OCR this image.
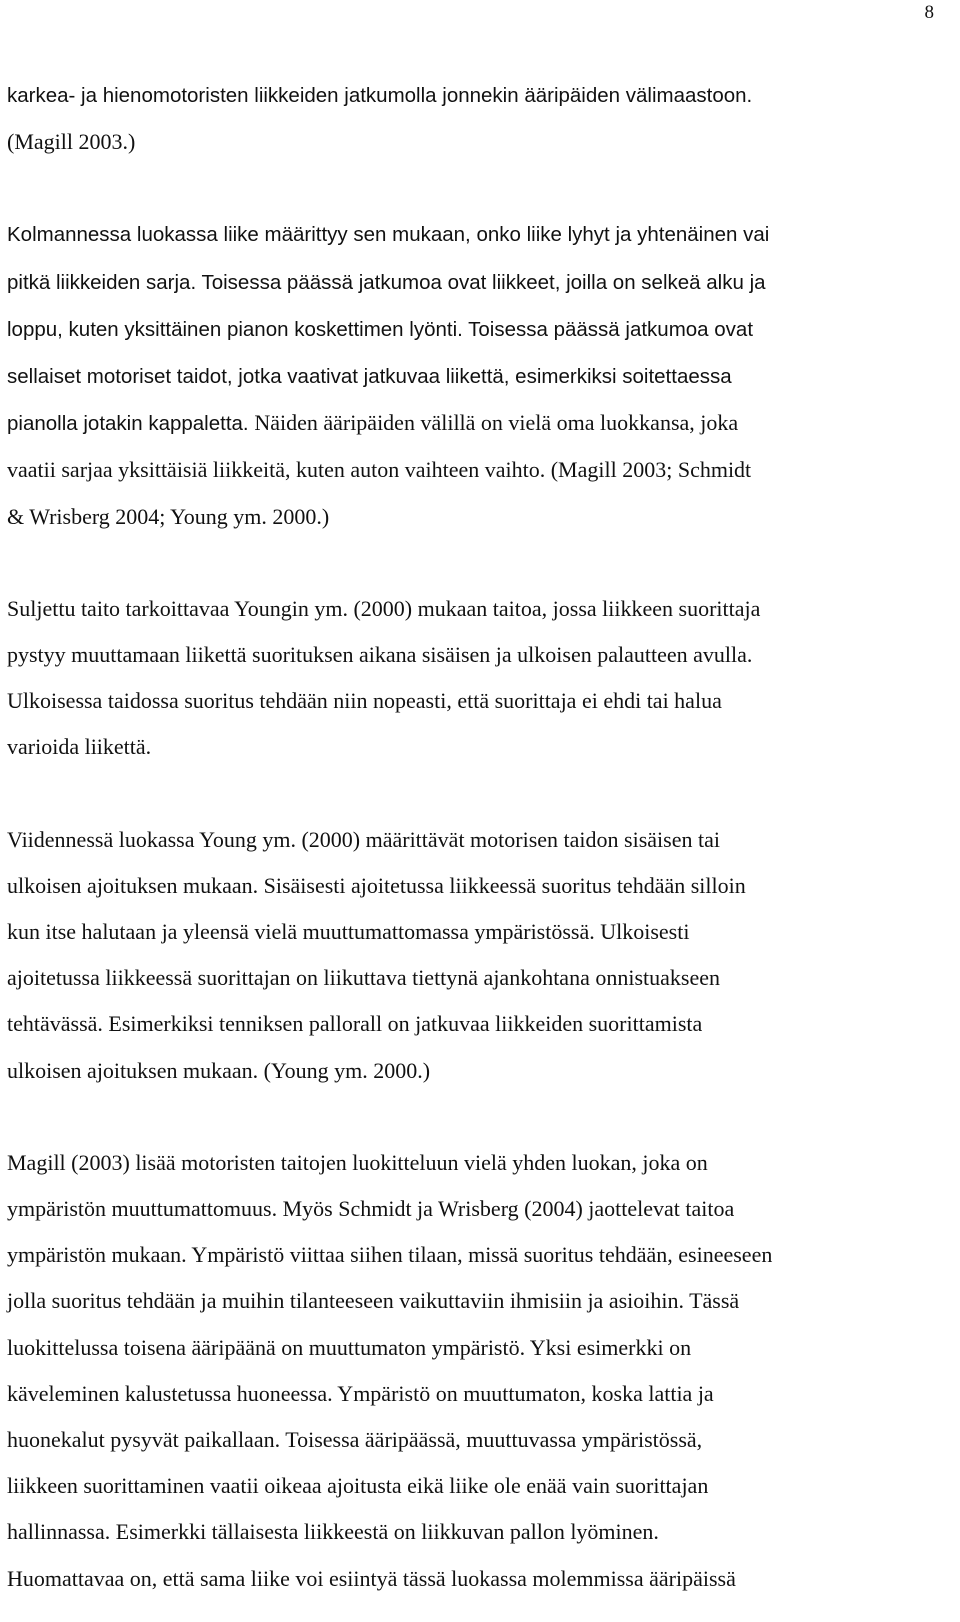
8

karkea- ja hienomotoristen liikkeiden jatkumolla jonnekin ääripäiden välimaastoon.
(Magill 2003.)

Kolmannessa luokassa liike määrittyy sen mukaan, onko liike lyhyt ja yhtenäinen vai
pitkä liikkeiden sarja. Toisessa päässä jatkumoa ovat liikkeet, joilla on selkeä alku ja
loppu, kuten yksittäinen pianon koskettimen lyönti. Toisessa päässä jatkumoa ovat
sellaiset motoriset taidot, jotka vaativat jatkuvaa liikettä, esimerkiksi soitettaessa
pianolla jotakin kappaletta. Näiden ääripäiden välillä on vielä oma luokkansa, joka
vaatii sarjaa yksittäisiä liikkeitä, kuten auton vaihteen vaihto. (Magill 2003; Schmidt
& Wrisberg 2004; Young ym. 2000.)

Suljettu taito tarkoittavaa Youngin ym. (2000) mukaan taitoa, jossa liikkeen suorittaja
pystyy muuttamaan liikettä suorituksen aikana sisäisen ja ulkoisen palautteen avulla.
Ulkoisessa taidossa suoritus tehdään niin nopeasti, että suorittaja ei ehdi tai halua
varioida liikettä.

Viidennessä luokassa Young ym. (2000) määrittävät motorisen taidon sisäisen tai
ulkoisen ajoituksen mukaan. Sisäisesti ajoitetussa liikkeessä suoritus tehdään silloin
kun itse halutaan ja yleensä vielä muuttumattomassa ympäristössä. Ulkoisesti
ajoitetussa liikkeessä suorittajan on liikuttava tiettynä ajankohtana onnistuakseen
tehtävässä. Esimerkiksi tenniksen pallorall on jatkuvaa liikkeiden suorittamista
ulkoisen ajoituksen mukaan. (Young ym. 2000.)

Magill (2003) lisää motoristen taitojen luokitteluun vielä yhden luokan, joka on
ympäristön muuttumattomuus. Myös Schmidt ja Wrisberg (2004) jaottelevat taitoa
ympäristön mukaan. Ympäristö viittaa siihen tilaan, missä suoritus tehdään, esineeseen
jolla suoritus tehdään ja muihin tilanteeseen vaikuttaviin ihmisiin ja asioihin. Tässä
luokittelussa toisena ääripäänä on muuttumaton ympäristö. Yksi esimerkki on
käveleminen kalustetussa huoneessa. Ympäristö on muuttumaton, koska lattia ja
huonekalut pysyvät paikallaan. Toisessa ääripäässä, muuttuvassa ympäristössä,
liikkeen suorittaminen vaatii oikeaa ajoitusta eikä liike ole enää vain suorittajan
hallinnassa. Esimerkki tällaisesta liikkeestä on liikkuvan pallon lyöminen.
Huomattavaa on, että sama liike voi esiintyä tässä luokassa molemmissa ääripäissä
